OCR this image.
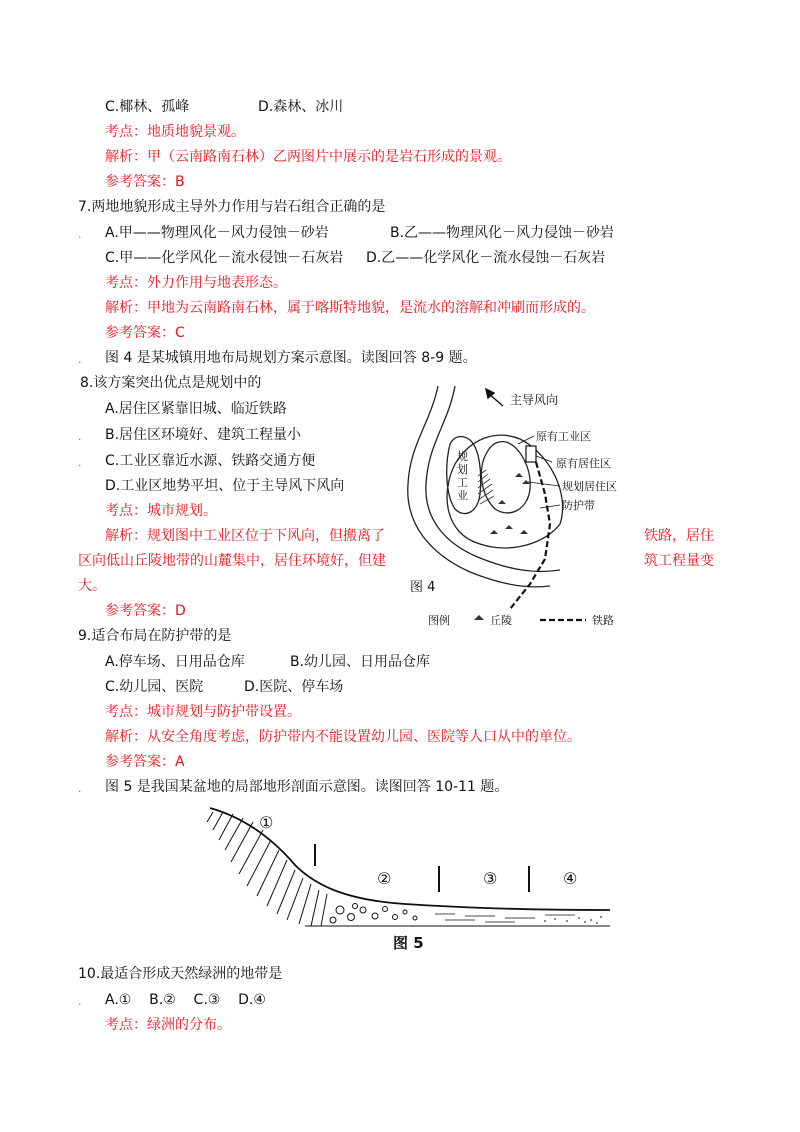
C.椰林、孤峰	D.森林、冰川
考点：地质地貌景观。
解析：甲（云南路南石林）乙两图片中展示的是岩石形成的景观。
参考答案：B
7.两地地貌形成主导外力作用与岩石组合正确的是
. A.甲——物理风化－风力侵蚀－砂岩	B.乙——物理风化－风力侵蚀－砂岩
C.甲——化学风化－流水侵蚀－石灰岩 D.乙——化学风化－流水侵蚀－石灰岩
考点：外力作用与地表形态。
解析：甲地为云南路南石林，属于喀斯特地貌，是流水的溶解和冲刷而形成的。
参考答案：C
. 图 4 是某城镇用地布局规划方案示意图。读图回答 8-9 题。
8.该方案突出优点是规划中的
A.居住区紧靠旧城、临近铁路
. B.居住区环境好、建筑工程量小
. C.工业区靠近水源、铁路交通方便
D.工业区地势平坦、位于主导风下风向
考点：城市规划。
解析：规划图中工业区位于下风向，但搬离了	铁路，居住
区向低山丘陵地带的山麓集中，居住环境好，但建	筑工程量变
大。
参考答案：D
主导风向
原有工业区
原有居住区
规划居住区
防护带
规 划 工 业
图 4
图例	丘陵	铁路
9.适合布局在防护带的是
A.停车场、日用品仓库	B.幼儿园、日用品仓库
C.幼儿园、医院	D.医院、停车场
考点：城市规划与防护带设置。
解析：从安全角度考虑，防护带内不能设置幼儿园、医院等人口从中的单位。
参考答案：A
. 图 5 是我国某盆地的局部地形剖面示意图。读图回答 10-11 题。
①
②	③	④
图 5
10.最适合形成天然绿洲的地带是
. A.①    B.②    C.③    D.④
考点：绿洲的分布。
